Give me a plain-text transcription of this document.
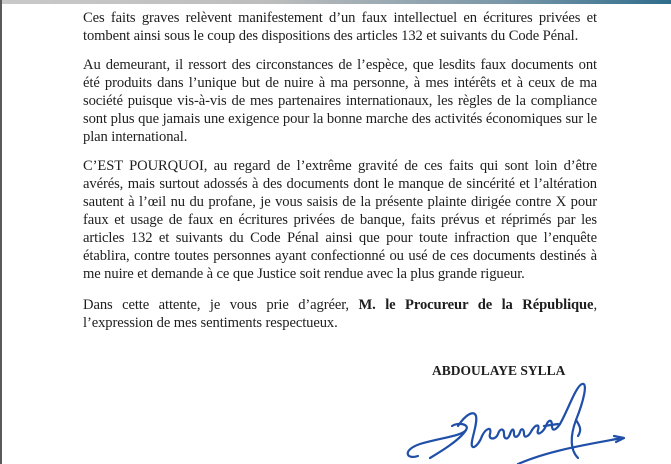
Ces faits graves relèvent manifestement d’un faux intellectuel en écritures privées et tombent ainsi sous le coup des dispositions des articles 132 et suivants du Code Pénal.

Au demeurant, il ressort des circonstances de l’espèce, que lesdits faux documents ont été produits dans l’unique but de nuire à ma personne, à mes intérêts et à ceux de ma société puisque vis-à-vis de mes partenaires internationaux, les règles de la compliance sont plus que jamais une exigence pour la bonne marche des activités économiques sur le plan international.

C’EST POURQUOI, au regard de l’extrême gravité de ces faits qui sont loin d’être avérés, mais surtout adossés à des documents dont le manque de sincérité et l’altération sautent à l’œil nu du profane, je vous saisis de la présente plainte dirigée contre X pour faux et usage de faux en écritures privées de banque, faits prévus et réprimés par les articles 132 et suivants du Code Pénal ainsi que pour toute infraction que l’enquête établira, contre toutes personnes ayant confectionné ou usé de ces documents destinés à me nuire et demande à ce que Justice soit rendue avec la plus grande rigueur.

Dans cette attente, je vous prie d’agréer, M. le Procureur de la République, l’expression de mes sentiments respectueux.

ABDOULAYE SYLLA
